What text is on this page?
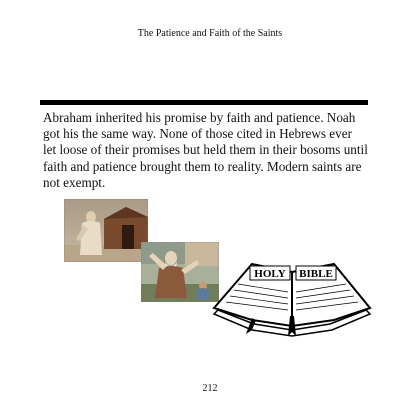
The Patience and Faith of the Saints
Abraham inherited his promise by faith and patience. Noah got his the same way. None of those cited in Hebrews ever let loose of their promises but held them in their bosoms until faith and patience brought them to reality. Modern saints are not exempt.
HOLY BIBLE
212
